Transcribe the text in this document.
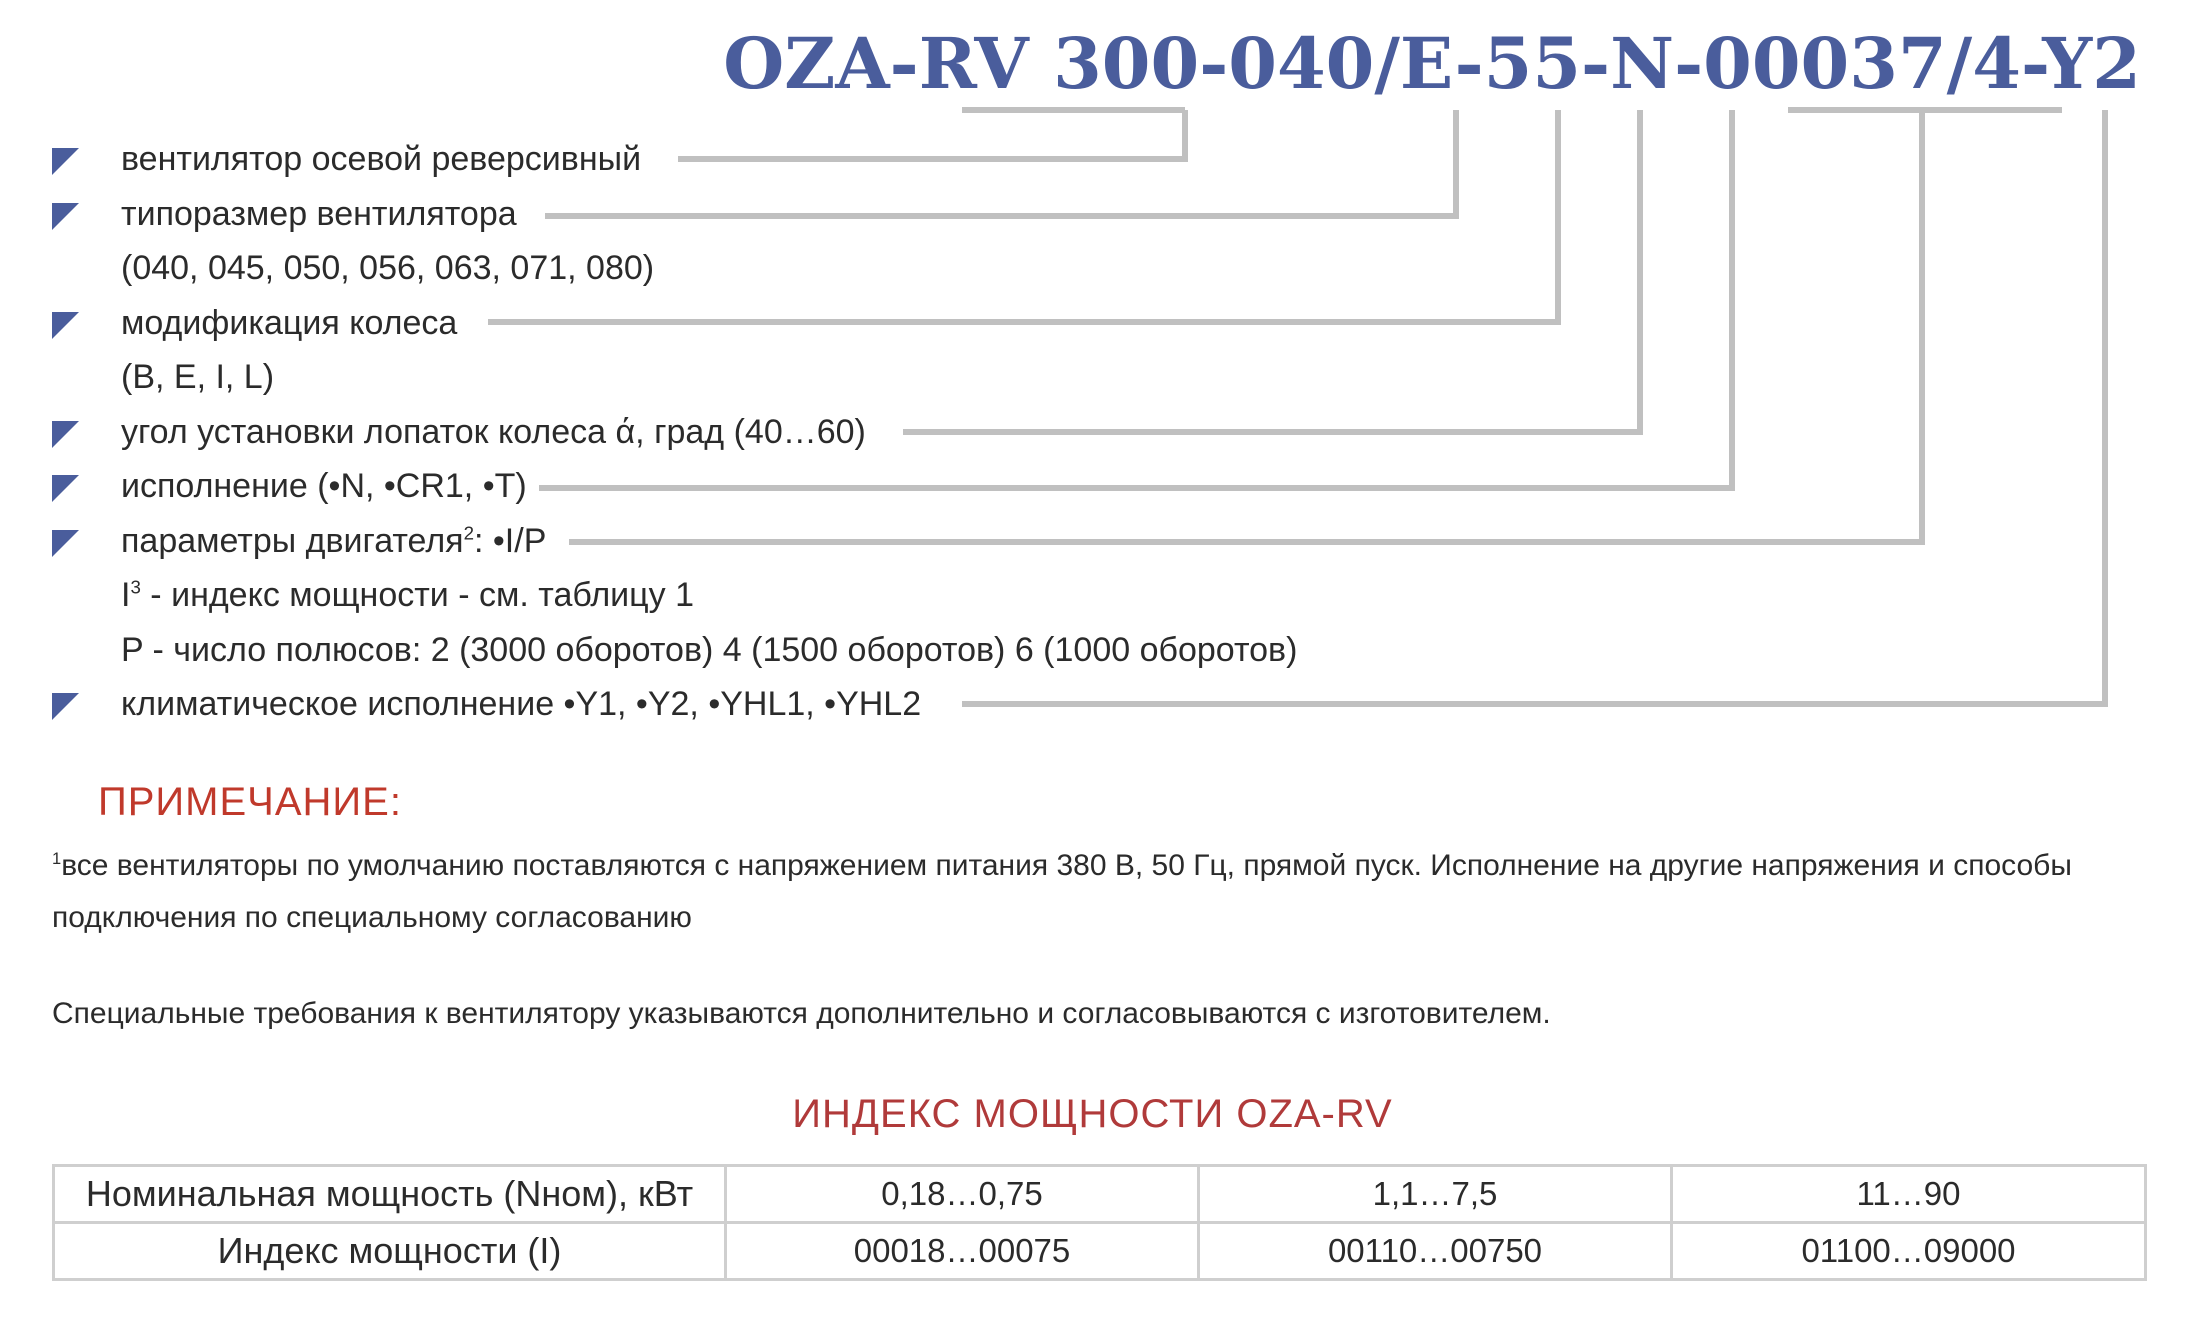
OZA-RV 300-040/E-55-N-00037/4-Y2
вентилятор осевой реверсивный
типоразмер вентилятора
(040, 045, 050, 056, 063, 071, 080)
модификация колеса
(B, E, I, L)
угол установки лопаток колеса ά, град (40…60)
исполнение (•N, •CR1, •T)
параметры двигателя$^2$: •I/P
$I^3$ - индекс мощности - см. таблицу 1
P - число полюсов: 2 (3000 оборотов) 4 (1500 оборотов) 6 (1000 оборотов)
климатическое исполнение •Y1, •Y2, •YHL1, •YHL2
ПРИМЕЧАНИЕ:

$^1$все вентиляторы по умолчанию поставляются с напряжением питания 380 В, 50 Гц, прямой пуск. Исполнение на другие напряжения и способы подключения по специальному согласованию

Специальные требования к вентилятору указываются дополнительно и согласовываются с изготовителем.
ИНДЕКС МОЩНОСТИ OZA-RV
Номинальная мощность (Nном), кВт	0,18…0,75	1,1…7,5	11…90
Индекс мощности (I)	00018…00075	00110…00750	01100…09000
